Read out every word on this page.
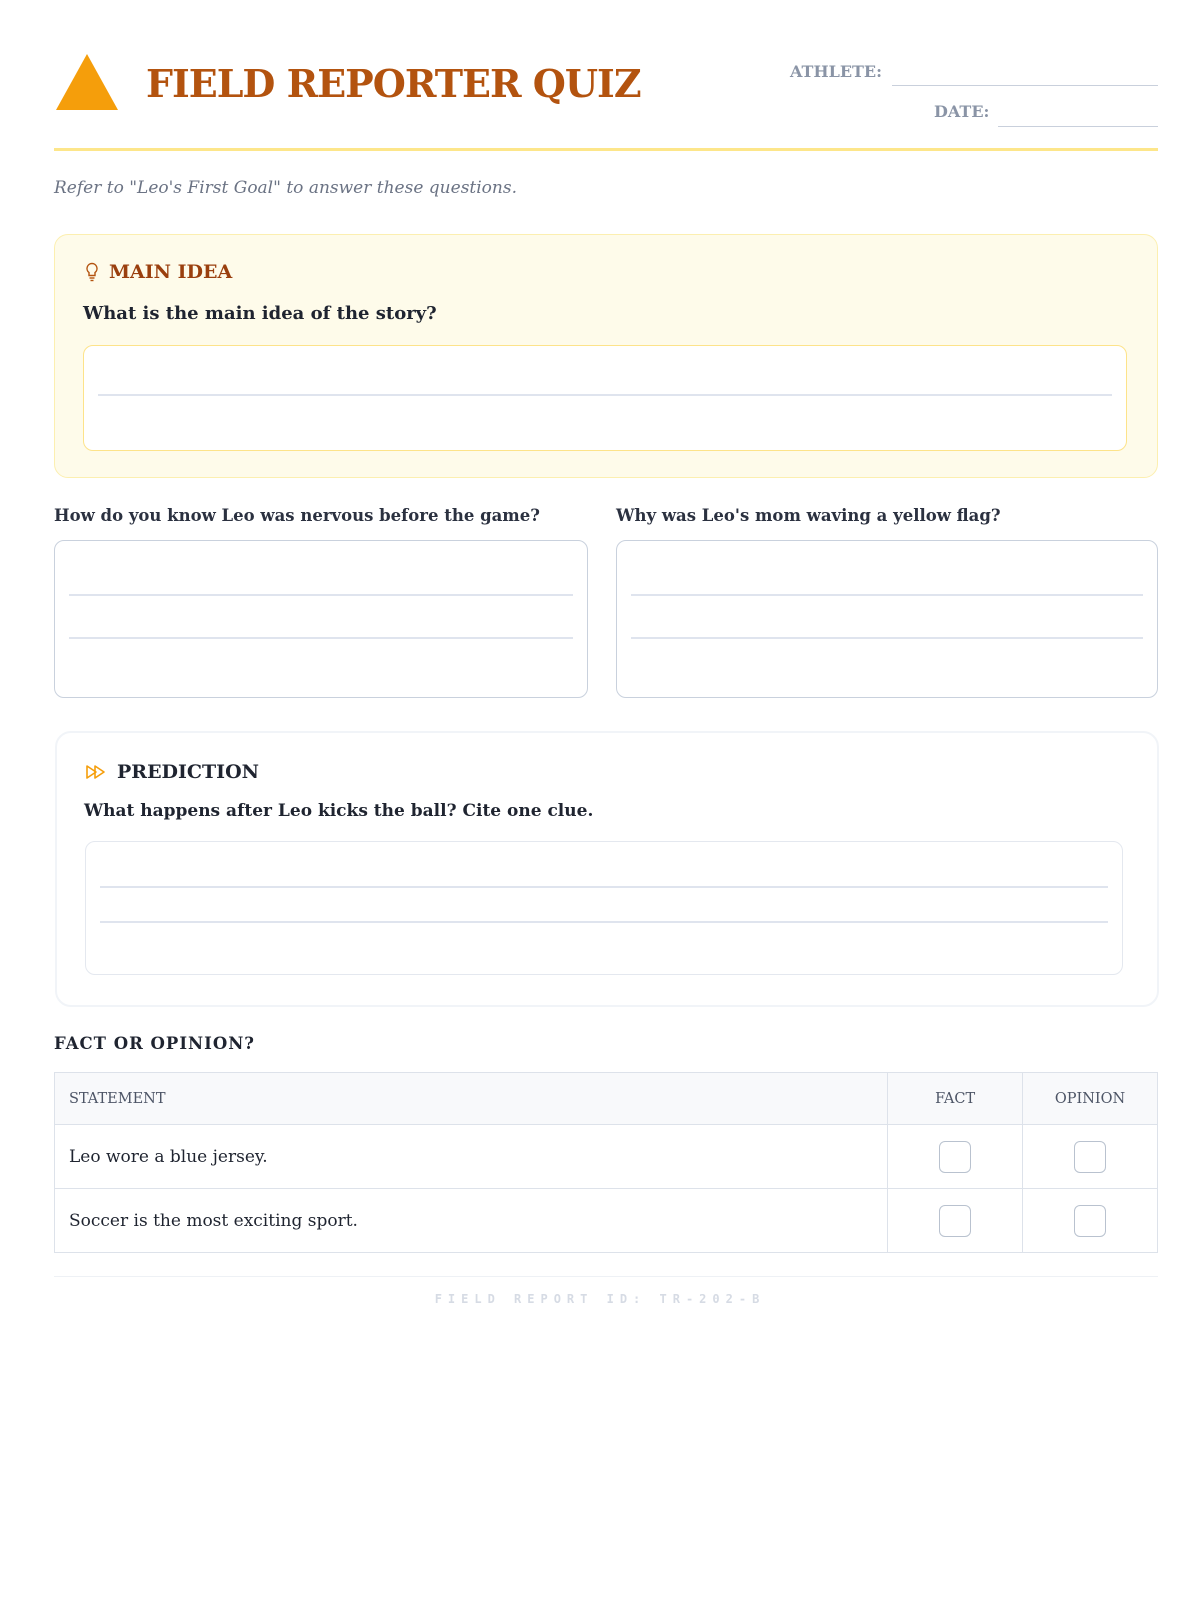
FIELD REPORTER QUIZ	ATHLETE:
DATE:
Refer to "Leo's First Goal" to answer these questions.
MAIN IDEA
What is the main idea of the story?
How do you know Leo was nervous before the game?	Why was Leo's mom waving a yellow flag?
PREDICTION
What happens after Leo kicks the ball? Cite one clue.
FACT OR OPINION?
STATEMENT	FACT	OPINION
Leo wore a blue jersey.		
Soccer is the most exciting sport.		
FIELD REPORT ID: TR-202-B
